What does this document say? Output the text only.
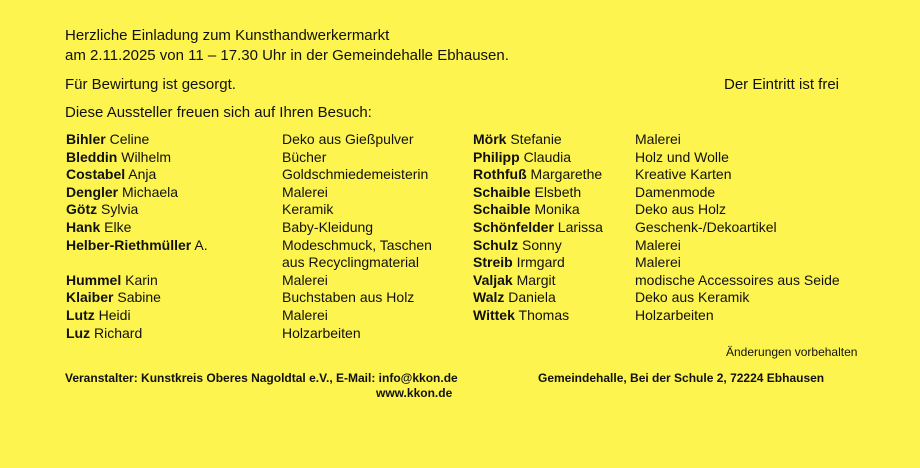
Herzliche Einladung zum Kunsthandwerkermarkt
am 2.11.2025 von 11 – 17.30 Uhr in der Gemeindehalle Ebhausen.
Für Bewirtung ist gesorgt.	Der Eintritt ist frei
Diese Aussteller freuen sich auf Ihren Besuch:
Bihler Celine
Bleddin Wilhelm
Costabel Anja
Dengler Michaela
Götz Sylvia
Hank Elke
Helber-Riethmüller A.
Hummel Karin
Klaiber Sabine
Lutz Heidi
Luz Richard
Deko aus Gießpulver
Bücher
Goldschmiedemeisterin
Malerei
Keramik
Baby-Kleidung
Modeschmuck, Taschen
aus Recyclingmaterial
Malerei
Buchstaben aus Holz
Malerei
Holzarbeiten
Mörk Stefanie
Philipp Claudia
Rothfuß Margarethe
Schaible Elsbeth
Schaible Monika
Schönfelder Larissa
Schulz Sonny
Streib Irmgard
Valjak Margit
Walz Daniela
Wittek Thomas
Malerei
Holz und Wolle
Kreative Karten
Damenmode
Deko aus Holz
Geschenk-/Dekoartikel
Malerei
Malerei
modische Accessoires aus Seide
Deko aus Keramik
Holzarbeiten
Änderungen vorbehalten
Veranstalter: Kunstkreis Oberes Nagoldtal e.V., E-Mail: info@kkon.de	Gemeindehalle, Bei der Schule 2, 72224 Ebhausen
www.kkon.de
